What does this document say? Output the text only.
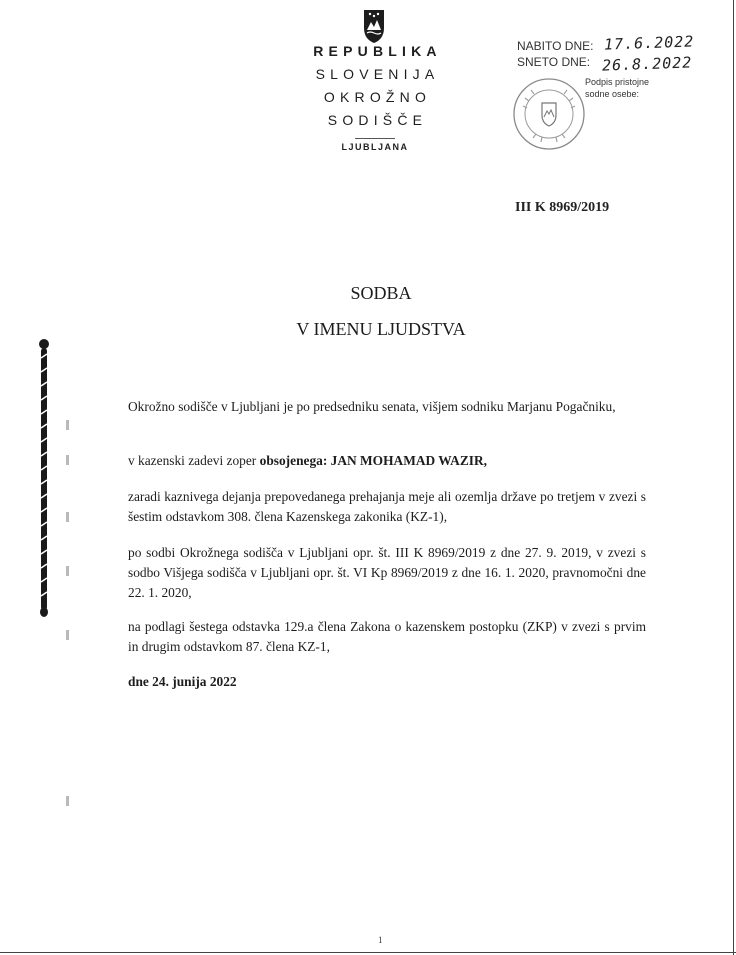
REPUBLIKA
SLOVENIJA
OKROŽNO
SODIŠČE
LJUBLJANA
NABITO DNE:
SNETO DNE:
17.6.2022
26.8.2022
Podpis pristojne
sodne osebe:
III K 8969/2019
SODBA
V IMENU LJUDSTVA
Okrožno sodišče v Ljubljani je po predsedniku senata, višjem sodniku Marjanu Pogačniku,
v kazenski zadevi zoper obsojenega: JAN MOHAMAD WAZIR,
zaradi kaznivega dejanja prepovedanega prehajanja meje ali ozemlja države po tretjem v zvezi s šestim odstavkom 308. člena Kazenskega zakonika (KZ-1),
po sodbi Okrožnega sodišča v Ljubljani opr. št. III K 8969/2019 z dne 27. 9. 2019, v zvezi s sodbo Višjega sodišča v Ljubljani opr. št. VI Kp 8969/2019 z dne 16. 1. 2020, pravnomočni dne 22. 1. 2020,
na podlagi šestega odstavka 129.a člena Zakona o kazenskem postopku (ZKP) v zvezi s prvim in drugim odstavkom 87. člena KZ-1,
dne 24. junija 2022
1
